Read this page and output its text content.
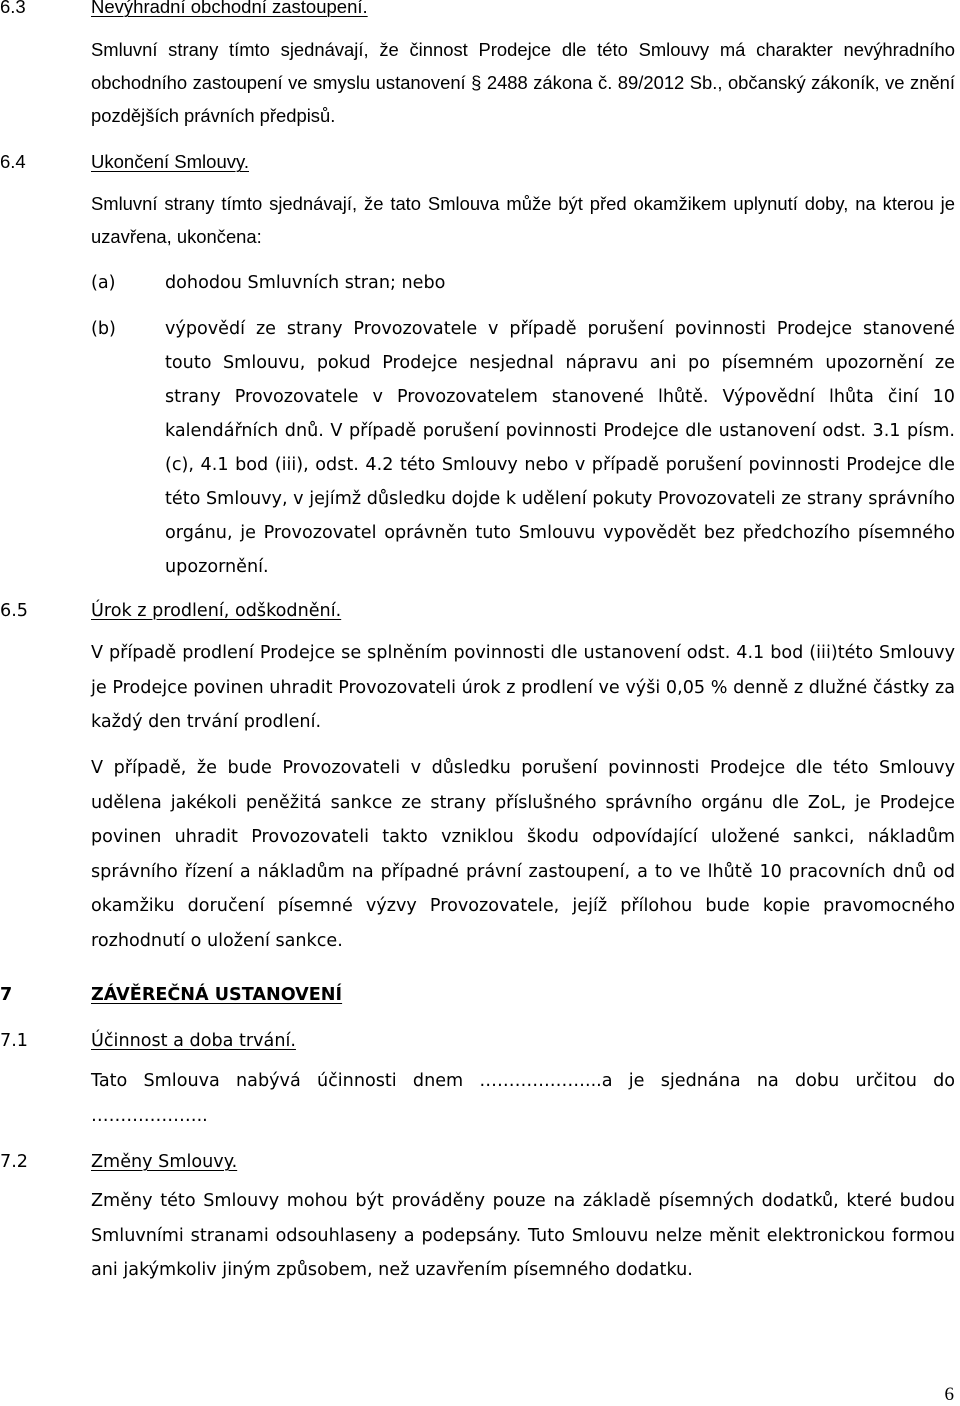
6.3	Nevýhradní obchodní zastoupení.

Smluvní strany tímto sjednávají, že činnost Prodejce dle této Smlouvy má charakter nevýhradního obchodního zastoupení ve smyslu ustanovení § 2488 zákona č. 89/2012 Sb., občanský zákoník, ve znění pozdějších právních předpisů.

6.4	Ukončení Smlouvy.

Smluvní strany tímto sjednávají, že tato Smlouva může být před okamžikem uplynutí doby, na kterou je uzavřena, ukončena:

(a)	dohodou Smluvních stran; nebo

(b)	výpovědí ze strany Provozovatele v případě porušení povinnosti Prodejce stanovené touto Smlouvu, pokud Prodejce nesjednal nápravu ani po písemném upozornění ze strany Provozovatele v Provozovatelem stanovené lhůtě. Výpovědní lhůta činí 10 kalendářních dnů. V případě porušení povinnosti Prodejce dle ustanovení odst. 3.1 písm. (c), 4.1 bod (iii), odst. 4.2 této Smlouvy nebo v případě porušení povinnosti Prodejce dle této Smlouvy, v jejímž důsledku dojde k udělení pokuty Provozovateli ze strany správního orgánu, je Provozovatel oprávněn tuto Smlouvu vypovědět bez předchozího písemného upozornění.

6.5	Úrok z prodlení, odškodnění.

V případě prodlení Prodejce se splněním povinnosti dle ustanovení odst. 4.1 bod (iii)této Smlouvy je Prodejce povinen uhradit Provozovateli úrok z prodlení ve výši 0,05 % denně z dlužné částky za každý den trvání prodlení.

V případě, že bude Provozovateli v důsledku porušení povinnosti Prodejce dle této Smlouvy udělena jakékoli peněžitá sankce ze strany příslušného správního orgánu dle ZoL, je Prodejce povinen uhradit Provozovateli takto vzniklou škodu odpovídající uložené sankci, nákladům správního řízení a nákladům na případné právní zastoupení, a to ve lhůtě 10 pracovních dnů od okamžiku doručení písemné výzvy Provozovatele, jejíž přílohou bude kopie pravomocného rozhodnutí o uložení sankce.

7	ZÁVĚREČNÁ USTANOVENÍ
7.1	Účinnost a doba trvání.

Tato Smlouva nabývá účinnosti dnem ………………...a je sjednána na dobu určitou do ………………..

7.2	Změny Smlouvy.

Změny této Smlouvy mohou být prováděny pouze na základě písemných dodatků, které budou Smluvními stranami odsouhlaseny a podepsány. Tuto Smlouvu nelze měnit elektronickou formou ani jakýmkoliv jiným způsobem, než uzavřením písemného dodatku.

6
